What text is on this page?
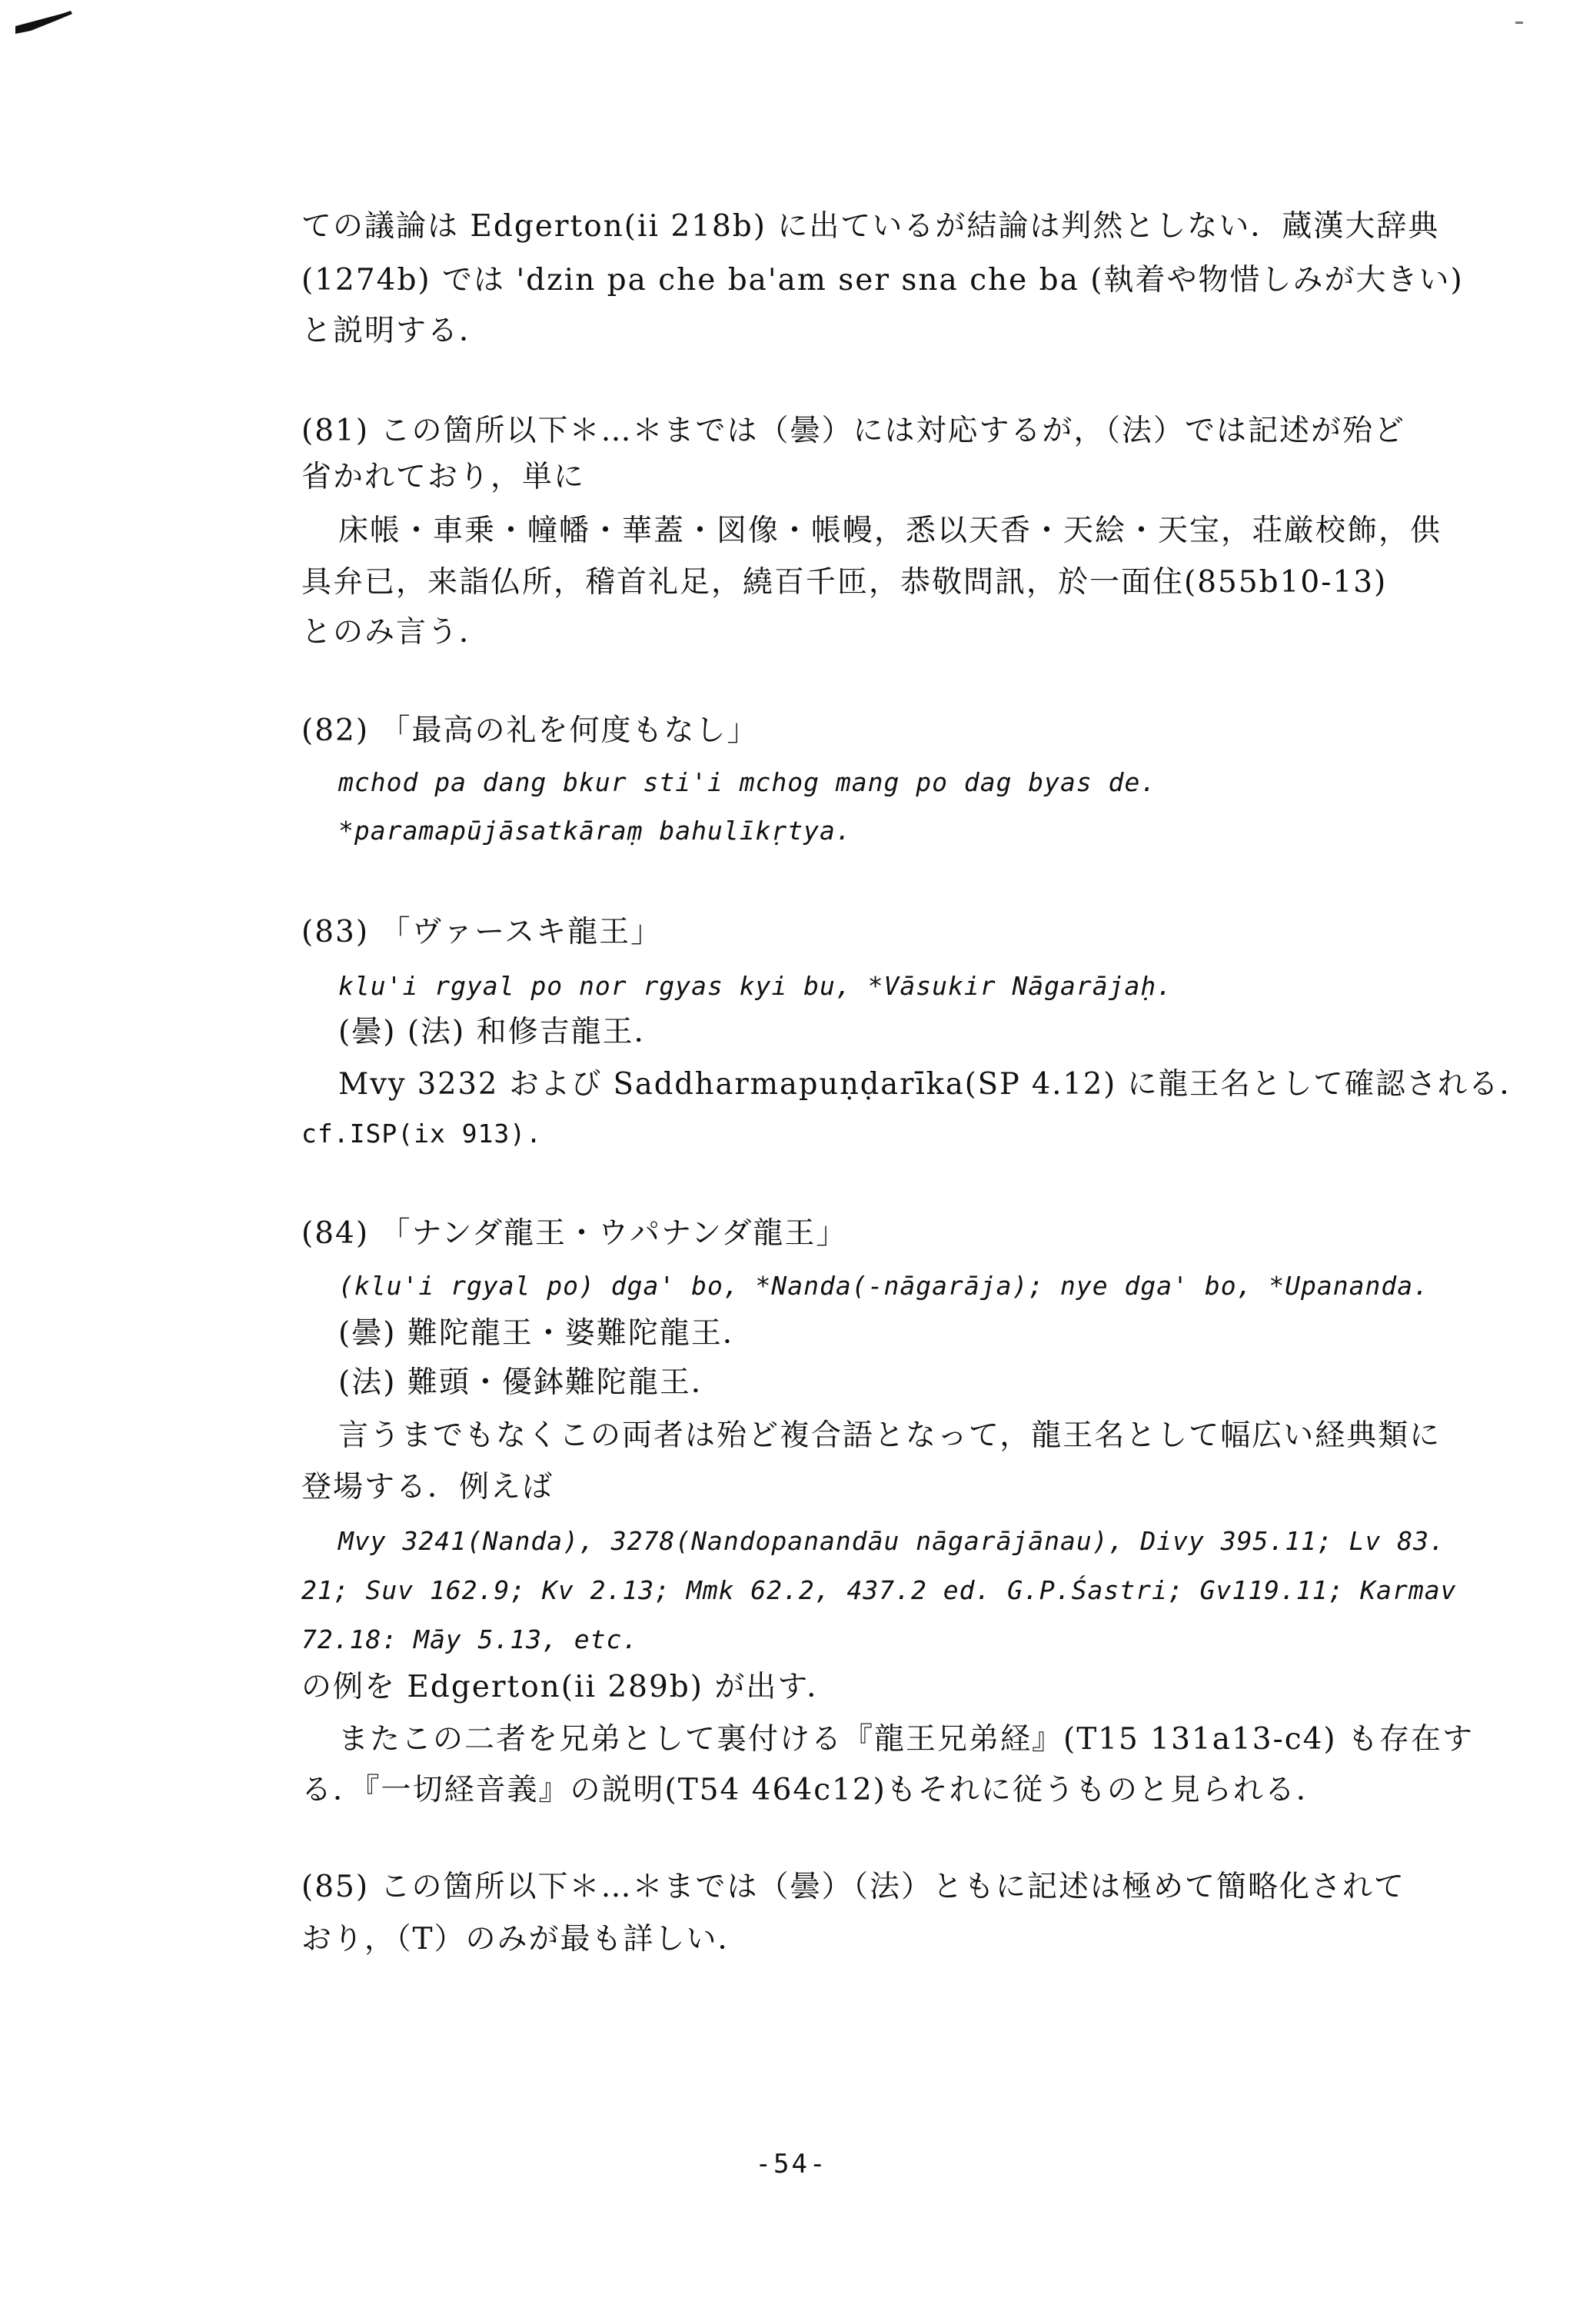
ての議論は Edgerton(ii 218b) に出ているが結論は判然としない．蔵漢大辞典
(1274b) では 'dzin pa che ba'am ser sna che ba (執着や物惜しみが大きい)
と説明する．
(81) この箇所以下＊…＊までは（曇）には対応するが，（法）では記述が殆ど
省かれており，単に
床帳・車乗・幢幡・華蓋・図像・帳幔，悉以天香・天絵・天宝，荘厳校飾，供
具弁已，来詣仏所，稽首礼足，繞百千匝，恭敬問訊，於一面住(855b10-13)
とのみ言う．
(82) 「最高の礼を何度もなし」
mchod pa dang bkur sti'i mchog mang po dag byas de.
*paramapūjāsatkāraṃ bahulīkṛtya.
(83) 「ヴァースキ龍王」
klu'i rgyal po nor rgyas kyi bu, *Vāsukir Nāgarājaḥ.
(曇) (法) 和修吉龍王．
Mvy 3232 および Saddharmapuṇḍarīka(SP 4.12) に龍王名として確認される．
cf.ISP(ix 913).
(84) 「ナンダ龍王・ウパナンダ龍王」
(klu'i rgyal po) dga' bo, *Nanda(-nāgarāja); nye dga' bo, *Upananda.
(曇) 難陀龍王・婆難陀龍王．
(法) 難頭・優鉢難陀龍王．
言うまでもなくこの両者は殆ど複合語となって，龍王名として幅広い経典類に
登場する．例えば
Mvy 3241(Nanda), 3278(Nandopanandāu nāgarājānau), Divy 395.11; Lv 83.
21; Suv 162.9; Kv 2.13; Mmk 62.2, 437.2 ed. G.P.Śastri; Gv119.11; Karmav
72.18: Māy 5.13, etc.
の例を Edgerton(ii 289b) が出す．
またこの二者を兄弟として裏付ける『龍王兄弟経』(T15 131a13-c4) も存在す
る．『一切経音義』の説明(T54 464c12)もそれに従うものと見られる．
(85) この箇所以下＊…＊までは（曇）（法）ともに記述は極めて簡略化されて
おり，（T）のみが最も詳しい．
-54-
